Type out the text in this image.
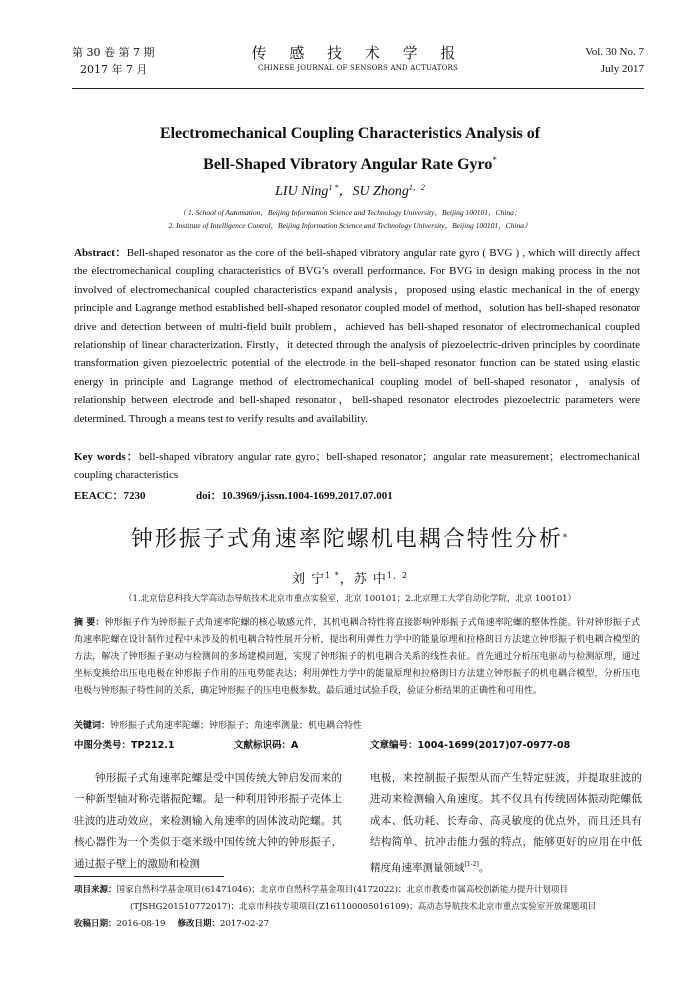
第 30 卷 第 7 期
2017 年 7 月
传 感 技 术 学 报
CHINESE JOURNAL OF SENSORS AND ACTUATORS
Vol. 30 No. 7
July 2017
Electromechanical Coupling Characteristics Analysis of
Bell-Shaped Vibratory Angular Rate Gyro*
LIU Ning$^{1 *}$，SU Zhong$^{1,2}$
（ 1. School of Automation，Beijing Information Science and Technology University，Beijing 100101，China；
2. Institute of Intelligence Control，Beijing Information Science and Technology University，Beijing 100101，China）
Abstract：Bell-shaped resonator as the core of the bell-shaped vibratory angular rate gyro ( BVG ) , which will directly affect the electromechanical coupling characteristics of BVG’s overall performance. For BVG in design making process in the not involved of electromechanical coupled characteristics expand analysis，proposed using elastic mechanical in the of energy principle and Lagrange method established bell-shaped resonator coupled model of method，solution has bell-shaped resonator drive and detection between of multi-field built problem，achieved has bell-shaped resonator of electromechanical coupled relationship of linear characterization. Firstly，it detected through the analysis of piezoelectric-driven principles by coordinate transformation given piezoelectric potential of the electrode in the bell-shaped resonator function can be stated using elastic energy in principle and Lagrange method of electromechanical coupling model of bell-shaped resonator，analysis of relationship between electrode and bell-shaped resonator，bell-shaped resonator electrodes piezoelectric parameters were determined. Through a means test to verify results and availability.
Key words：bell-shaped vibratory angular rate gyro；bell-shaped resonator；angular rate measurement；electromechanical coupling characteristics
EEACC：7230	doi：10.3969/j.issn.1004-1699.2017.07.001
钟形振子式角速率陀螺机电耦合特性分析*
刘 宁$^{1 *}$，苏 中$^{1,2}$
（1.北京信息科技大学高动态导航技术北京市重点实验室，北京 100101；2.北京理工大学自动化学院，北京 100101）
摘 要：钟形振子作为钟形振子式角速率陀螺的核心敏感元件，其机电耦合特性将直接影响钟形振子式角速率陀螺的整体性能。针对钟形振子式角速率陀螺在设计制作过程中未涉及的机电耦合特性展开分析，提出利用弹性力学中的能量原理和拉格朗日方法建立钟形振子机电耦合模型的方法，解决了钟形振子驱动与检测间的多场建模问题，实现了钟形振子的机电耦合关系的线性表征。首先通过分析压电驱动与检测原理，通过坐标变换给出压电电极在钟形振子作用的压电势能表达；利用弹性力学中的能量原理和拉格朗日方法建立钟形振子的机电耦合模型，分析压电电极与钟形振子特性间的关系，确定钟形振子的压电电极参数。最后通过试验手段，验证分析结果的正确性和可用性。
关键词：钟形振子式角速率陀螺；钟形振子；角速率测量；机电耦合特性
中图分类号：TP212.1	文献标识码：A	文章编号：1004-1699(2017)07-0977-08
钟形振子式角速率陀螺是受中国传统大钟启发而来的一种新型轴对称壳谐振陀螺。是一种利用钟形振子壳体上驻波的进动效应，来检测输入角速率的固体波动陀螺。其核心器件为一个类似于毫米级中国传统大钟的钟形振子，通过振子壁上的激励和检测
电极，来控制振子振型从而产生特定驻波，并提取驻波的进动来检测输入角速度。其不仅具有传统固体振动陀螺低成本、低功耗、长寿命、高灵敏度的优点外，而且还具有结构简单、抗冲击能力强的特点，能够更好的应用在中低精度角速率测量领域[1-2]。
项目来源：国家自然科学基金项目(61471046)；北京市自然科学基金项目(4172022)；北京市教委市属高校创新能力提升计划项目
(TJSHG201510772017)；北京市科技专项项目(Z161100005016109)；高动态导航技术北京市重点实验室开放课题项目
收稿日期：2016-08-19 修改日期：2017-02-27
